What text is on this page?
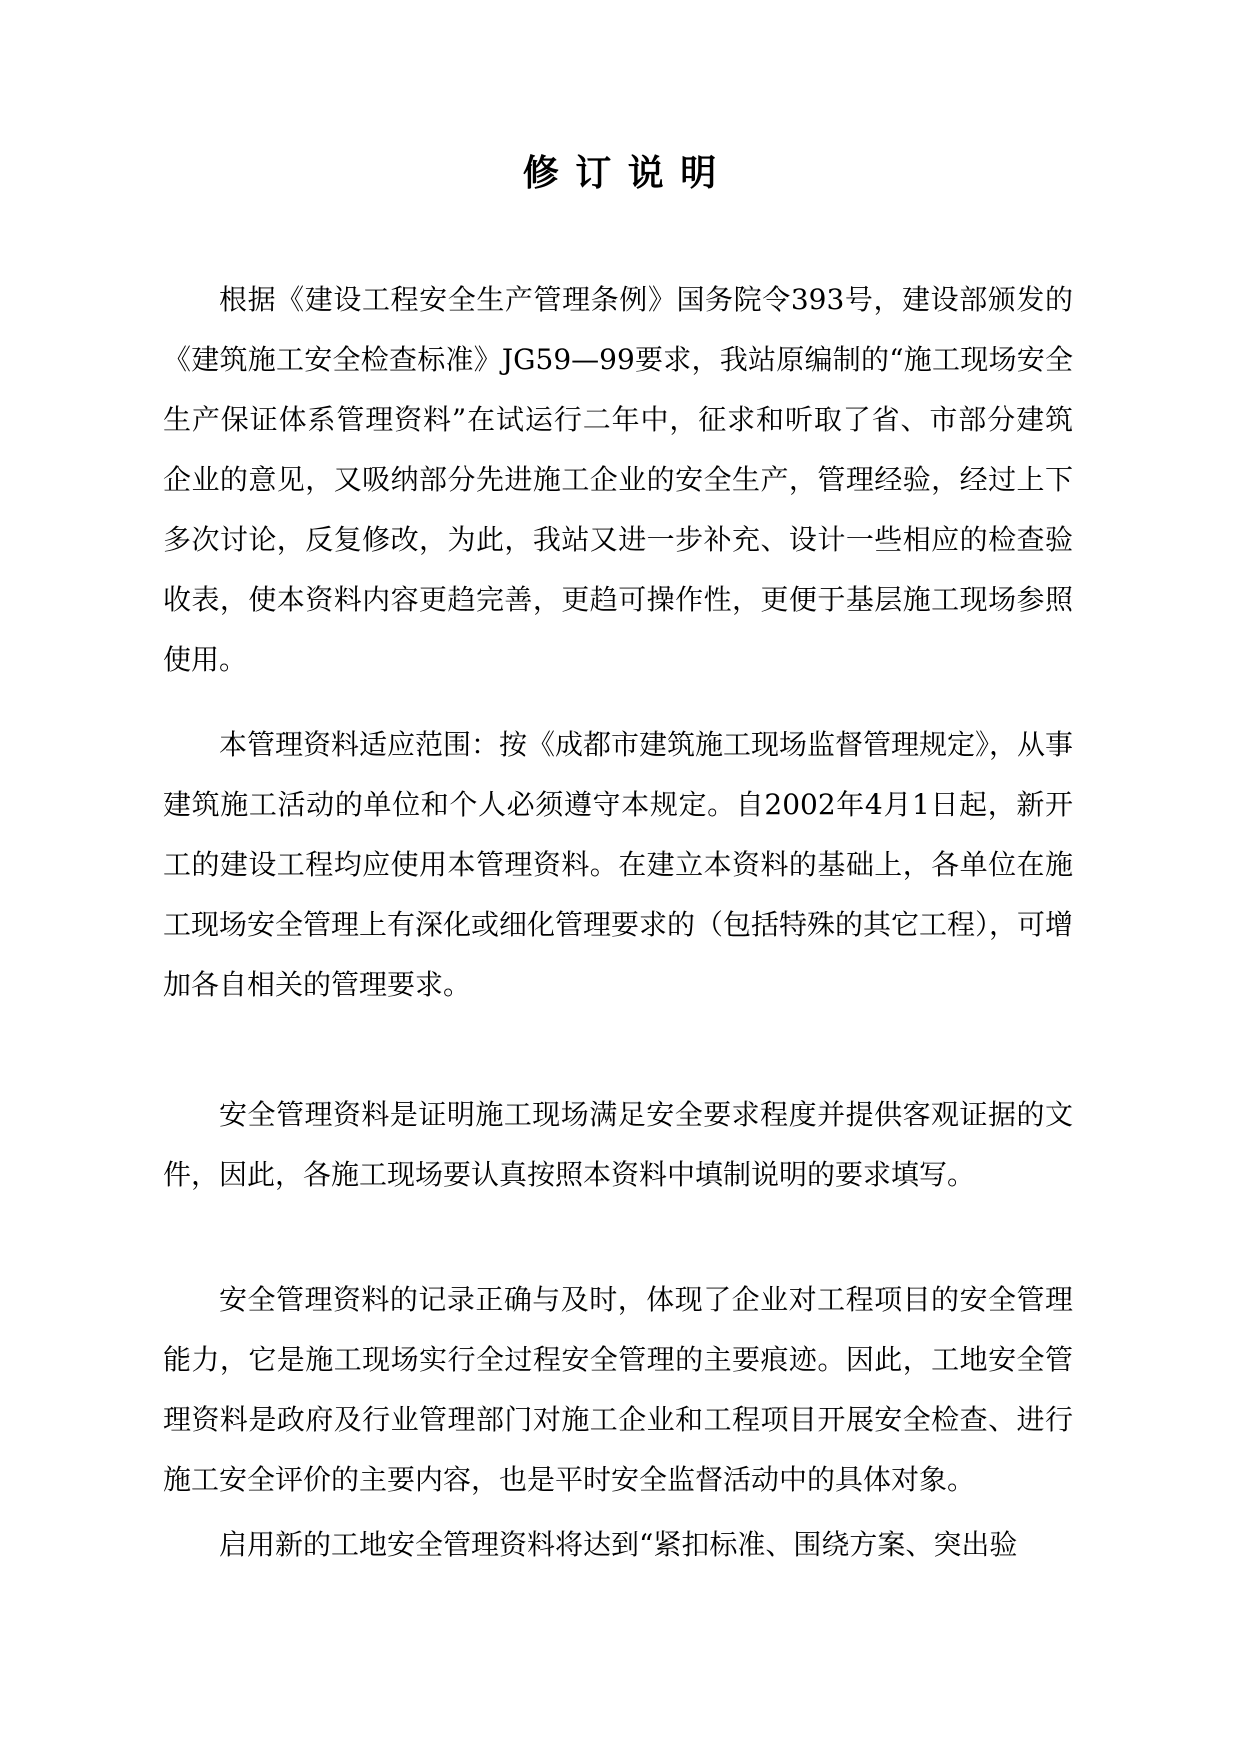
修 订 说 明

根据《建设工程安全生产管理条例》国务院令393号，建设部颁发的《建筑施工安全检查标准》JG59—99要求，我站原编制的“施工现场安全生产保证体系管理资料”在试运行二年中，征求和听取了省、市部分建筑企业的意见，又吸纳部分先进施工企业的安全生产，管理经验，经过上下多次讨论，反复修改，为此，我站又进一步补充、设计一些相应的检查验收表，使本资料内容更趋完善，更趋可操作性，更便于基层施工现场参照使用。

本管理资料适应范围：按《成都市建筑施工现场监督管理规定》，从事建筑施工活动的单位和个人必须遵守本规定。自2002年4月1日起，新开工的建设工程均应使用本管理资料。在建立本资料的基础上，各单位在施工现场安全管理上有深化或细化管理要求的（包括特殊的其它工程），可增加各自相关的管理要求。

安全管理资料是证明施工现场满足安全要求程度并提供客观证据的文件，因此，各施工现场要认真按照本资料中填制说明的要求填写。

安全管理资料的记录正确与及时，体现了企业对工程项目的安全管理能力，它是施工现场实行全过程安全管理的主要痕迹。因此，工地安全管理资料是政府及行业管理部门对施工企业和工程项目开展安全检查、进行施工安全评价的主要内容，也是平时安全监督活动中的具体对象。

启用新的工地安全管理资料将达到“紧扣标准、围绕方案、突出验
